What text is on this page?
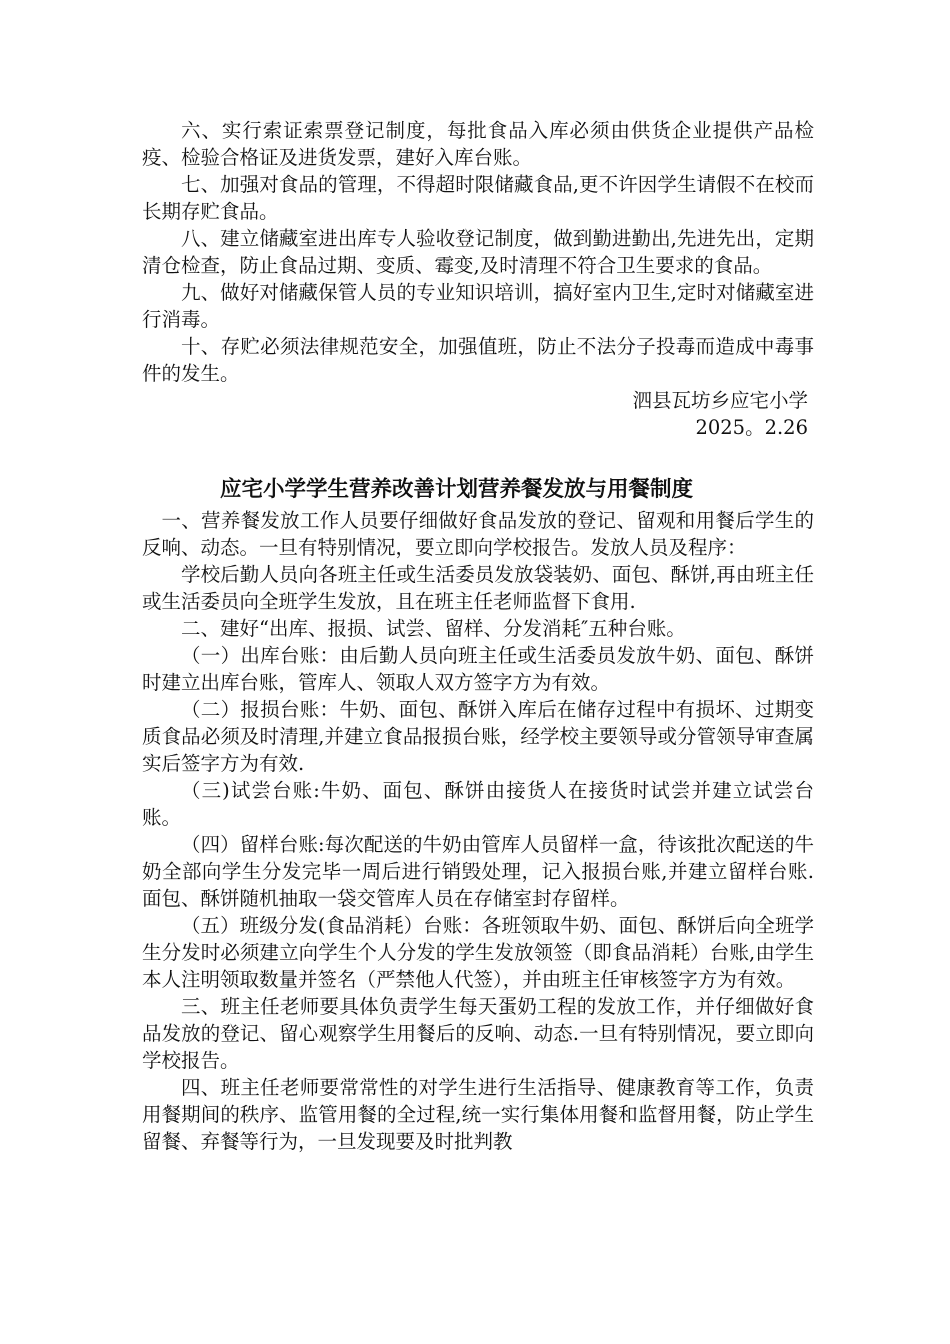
六、实行索证索票登记制度，每批食品入库必须由供货企业提供产品检疫、检验合格证及进货发票，建好入库台账。

七、加强对食品的管理，不得超时限储藏食品,更不许因学生请假不在校而长期存贮食品。

八、建立储藏室进出库专人验收登记制度，做到勤进勤出,先进先出，定期清仓检查，防止食品过期、变质、霉变,及时清理不符合卫生要求的食品。

九、做好对储藏保管人员的专业知识培训，搞好室内卫生,定时对储藏室进行消毒。

十、存贮必须法律规范安全，加强值班，防止不法分子投毒而造成中毒事件的发生。

泗县瓦坊乡应宅小学

2025。2.26

应宅小学学生营养改善计划营养餐发放与用餐制度

一、营养餐发放工作人员要仔细做好食品发放的登记、留观和用餐后学生的反响、动态。一旦有特别情况，要立即向学校报告。发放人员及程序：

学校后勤人员向各班主任或生活委员发放袋装奶、面包、酥饼,再由班主任或生活委员向全班学生发放，且在班主任老师监督下食用.

二、建好“出库、报损、试尝、留样、分发消耗″五种台账。

（一）出库台账：由后勤人员向班主任或生活委员发放牛奶、面包、酥饼时建立出库台账，管库人、领取人双方签字方为有效。

（二）报损台账：牛奶、面包、酥饼入库后在储存过程中有损坏、过期变质食品必须及时清理,并建立食品报损台账，经学校主要领导或分管领导审查属实后签字方为有效.

（三)试尝台账:牛奶、面包、酥饼由接货人在接货时试尝并建立试尝台账。

（四）留样台账:每次配送的牛奶由管库人员留样一盒，待该批次配送的牛奶全部向学生分发完毕一周后进行销毁处理，记入报损台账,并建立留样台账.面包、酥饼随机抽取一袋交管库人员在存储室封存留样。

（五）班级分发(食品消耗）台账：各班领取牛奶、面包、酥饼后向全班学生分发时必须建立向学生个人分发的学生发放领签（即食品消耗）台账,由学生本人注明领取数量并签名（严禁他人代签），并由班主任审核签字方为有效。

三、班主任老师要具体负责学生每天蛋奶工程的发放工作，并仔细做好食品发放的登记、留心观察学生用餐后的反响、动态.一旦有特别情况，要立即向学校报告。

四、班主任老师要常常性的对学生进行生活指导、健康教育等工作，负责用餐期间的秩序、监管用餐的全过程,统一实行集体用餐和监督用餐，防止学生留餐、弃餐等行为，一旦发现要及时批判教
